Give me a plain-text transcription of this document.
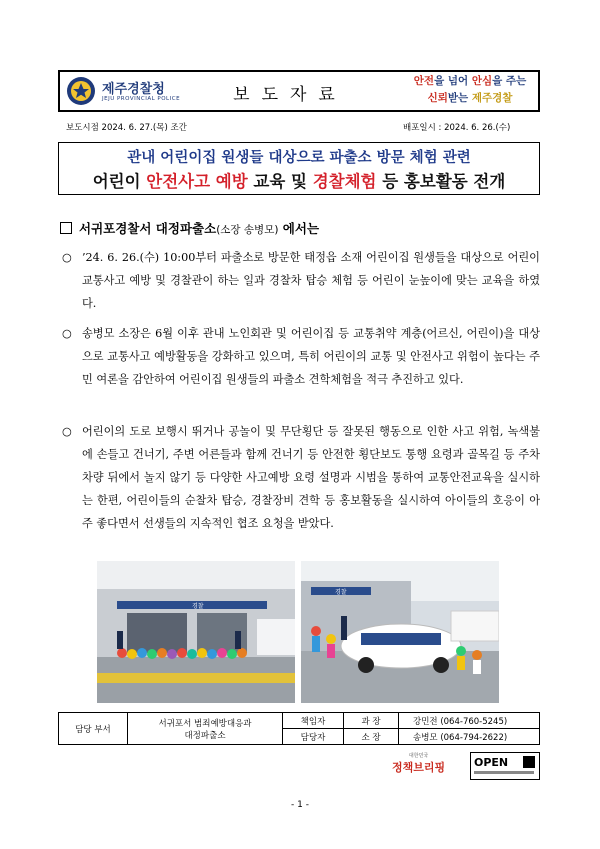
제주경찰청
JEJU PROVINCIAL POLICE	보도자료
안전을 넘어 안심을 주는
신뢰받는 제주경찰
보도시점 2024. 6. 27.(목) 조간	배포일시 : 2024. 6. 26.(수)
관내 어린이집 원생들 대상으로 파출소 방문 체험 관련
어린이 안전사고 예방 교육 및 경찰체험 등 홍보활동 전개
서귀포경찰서 대정파출소(소장 송병모) 에서는
○ ’24. 6. 26.(수) 10:00부터 파출소로 방문한 태정읍 소재 어린이집 원생들을 대상으로 어린이 교통사고 예방 및 경찰관이 하는 일과 경찰차 탑승 체험 등 어린이 눈높이에 맞는 교육을 하였다.
○ 송병모 소장은 6월 이후 관내 노인회관 및 어린이집 등 교통취약 계층(어르신, 어린이)을 대상으로 교통사고 예방활동을 강화하고 있으며, 특히 어린이의 교통 및 안전사고 위험이 높다는 주민 여론을 감안하여 어린이집 원생들의 파출소 견학체험을 적극 추진하고 있다.
○ 어린이의 도로 보행시 뛰거나 공놀이 및 무단횡단 등 잘못된 행동으로 인한 사고 위험, 녹색불에 손들고 건너기, 주변 어른들과 함께 건너기 등 안전한 횡단보도 통행 요령과 골목길 등 주차차량 뒤에서 놀지 않기 등 다양한 사고예방 요령 설명과 시범을 통하여 교통안전교육을 실시하는 한편, 어린이들의 순찰차 탑승, 경찰장비 견학 등 홍보활동을 실시하여 아이들의 호응이 아주 좋다면서 선생들의 지속적인 협조 요청을 받았다.
경찰
경찰
담당 부서	서귀포서 범죄예방대응과
대정파출소	책임자	과 장	강민전 (064-760-5245)
		담당자	소 장	송병모 (064-794-2622)
대한민국
정책브리핑	OPEN
- 1 -
